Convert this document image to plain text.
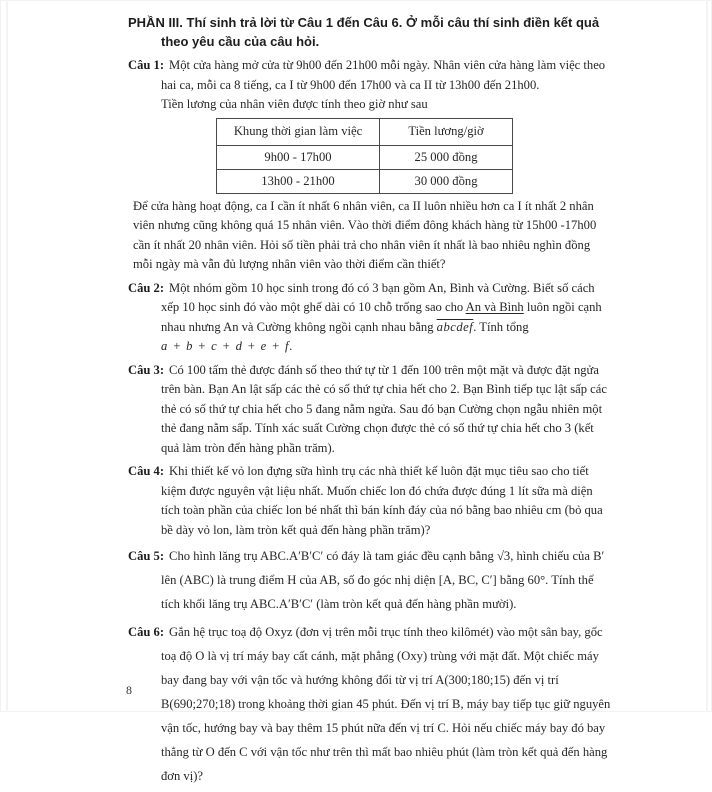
PHẦN III. Thí sinh trả lời từ Câu 1 đến Câu 6. Ở mỗi câu thí sinh điền kết quả theo yêu cầu của câu hỏi.

Câu 1: Một cửa hàng mở cửa từ 9h00 đến 21h00 mỗi ngày. Nhân viên cửa hàng làm việc theo hai ca, mỗi ca 8 tiếng, ca I từ 9h00 đến 17h00 và ca II từ 13h00 đến 21h00.

Tiền lương của nhân viên được tính theo giờ như sau

Khung thời gian làm việc	Tiền lương/giờ
9h00 - 17h00	25 000 đồng
13h00 - 21h00	30 000 đồng

Để cửa hàng hoạt động, ca I cần ít nhất 6 nhân viên, ca II luôn nhiều hơn ca I ít nhất 2 nhân viên nhưng cũng không quá 15 nhân viên. Vào thời điểm đông khách hàng từ 15h00 -17h00 cần ít nhất 20 nhân viên. Hỏi số tiền phải trả cho nhân viên ít nhất là bao nhiêu nghìn đồng mỗi ngày mà vẫn đủ lượng nhân viên vào thời điểm cần thiết?

Câu 2: Một nhóm gồm 10 học sinh trong đó có 3 bạn gồm An, Bình và Cường. Biết số cách xếp 10 học sinh đó vào một ghế dài có 10 chỗ trống sao cho An và Bình luôn ngồi cạnh nhau nhưng An và Cường không ngồi cạnh nhau bằng abcdef. Tính tổng

a + b + c + d + e + f.

Câu 3: Có 100 tấm thẻ được đánh số theo thứ tự từ 1 đến 100 trên một mặt và được đặt ngửa trên bàn. Bạn An lật sấp các thẻ có số thứ tự chia hết cho 2. Bạn Bình tiếp tục lật sấp các thẻ có số thứ tự chia hết cho 5 đang nằm ngửa. Sau đó bạn Cường chọn ngẫu nhiên một thẻ đang nằm sấp. Tính xác suất Cường chọn được thẻ có số thứ tự chia hết cho 3 (kết quả làm tròn đến hàng phần trăm).

Câu 4: Khi thiết kế vỏ lon đựng sữa hình trụ các nhà thiết kế luôn đặt mục tiêu sao cho tiết kiệm được nguyên vật liệu nhất. Muốn chiếc lon đó chứa được đúng 1 lít sữa mà diện tích toàn phần của chiếc lon bé nhất thì bán kính đáy của nó bằng bao nhiêu cm (bỏ qua bề dày vỏ lon, làm tròn kết quả đến hàng phần trăm)?

Câu 5: Cho hình lăng trụ ABC.A′B′C′ có đáy là tam giác đều cạnh bằng √3, hình chiếu của B′ lên (ABC) là trung điểm H của AB, số đo góc nhị diện [A, BC, C′] bằng 60°. Tính thể tích khối lăng trụ ABC.A′B′C′ (làm tròn kết quả đến hàng phần mười).

Câu 6: Gắn hệ trục toạ độ Oxyz (đơn vị trên mỗi trục tính theo kilômét) vào một sân bay, gốc toạ độ O là vị trí máy bay cất cánh, mặt phẳng (Oxy) trùng với mặt đất. Một chiếc máy bay đang bay với vận tốc và hướng không đổi từ vị trí A(300;180;15) đến vị trí B(690;270;18) trong khoảng thời gian 45 phút. Đến vị trí B, máy bay tiếp tục giữ nguyên vận tốc, hướng bay và bay thêm 15 phút nữa đến vị trí C. Hỏi nếu chiếc máy bay đó bay thẳng từ O đến C với vận tốc như trên thì mất bao nhiêu phút (làm tròn kết quả đến hàng đơn vị)?

8
